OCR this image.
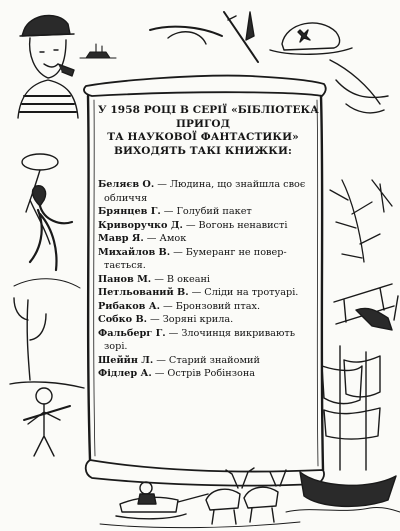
У 1958 РОЦІ В СЕРІЇ «БІБЛІОТЕКА
ПРИГОД
ТА НАУКОВОЇ ФАНТАСТИКИ»
ВИХОДЯТЬ ТАКІ КНИЖКИ:
Беляєв О. — Людина, що знайшла своє
обличчя
Брянцев Г. — Голубий пакет
Криворучко Д. — Вогонь ненависті
Мавр Я. — Амок
Михайлов В. — Бумеранг не повер-
тається.
Панов М. — В океані
Петльований В. — Сліди на тротуарі.
Рибаков А. — Бронзовий птах.
Собко В. — Зоряні крила.
Фальберг Г. — Злочинця викривають
зорі.
Шеййн Л. — Старий знайомий
Фідлер А. — Острів Робінзона
